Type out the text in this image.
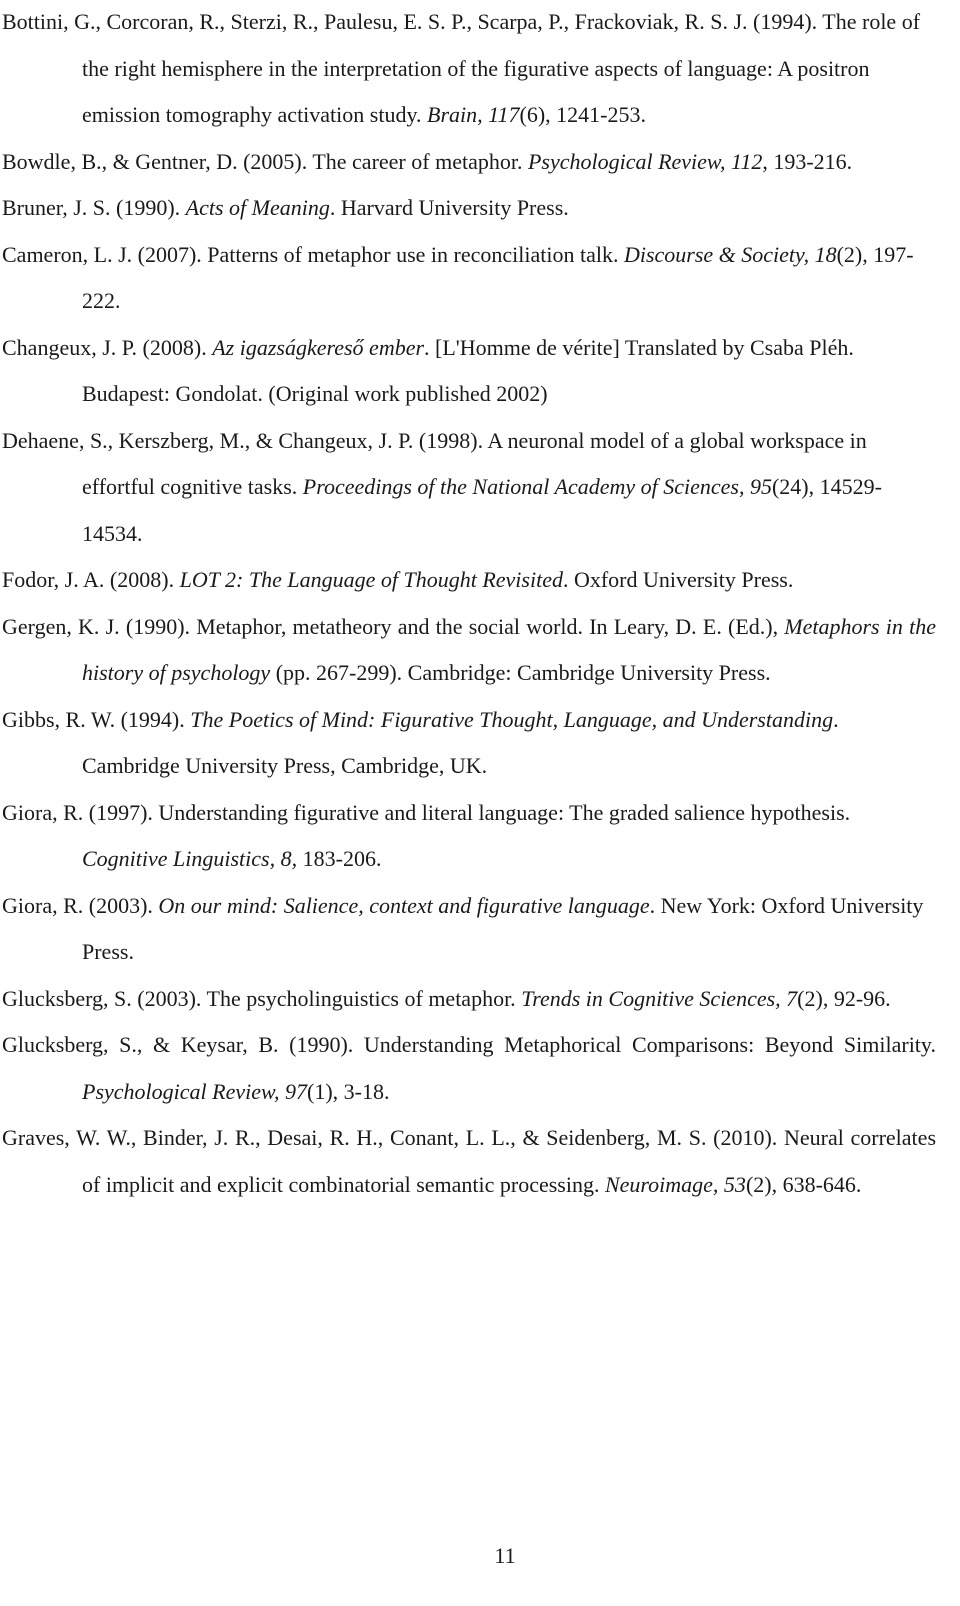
Bottini, G., Corcoran, R., Sterzi, R., Paulesu, E. S. P., Scarpa, P., Frackoviak, R. S. J. (1994). The role of the right hemisphere in the interpretation of the figurative aspects of language: A positron emission tomography activation study. Brain, 117(6), 1241-253.
Bowdle, B., & Gentner, D. (2005). The career of metaphor. Psychological Review, 112, 193-216.
Bruner, J. S. (1990). Acts of Meaning. Harvard University Press.
Cameron, L. J. (2007). Patterns of metaphor use in reconciliation talk. Discourse & Society, 18(2), 197-222.
Changeux, J. P. (2008). Az igazságkereső ember. [L'Homme de vérite] Translated by Csaba Pléh. Budapest: Gondolat. (Original work published 2002)
Dehaene, S., Kerszberg, M., & Changeux, J. P. (1998). A neuronal model of a global workspace in effortful cognitive tasks. Proceedings of the National Academy of Sciences, 95(24), 14529-14534.
Fodor, J. A. (2008). LOT 2: The Language of Thought Revisited. Oxford University Press.
Gergen, K. J. (1990). Metaphor, metatheory and the social world. In Leary, D. E. (Ed.), Metaphors in the history of psychology (pp. 267-299). Cambridge: Cambridge University Press.
Gibbs, R. W. (1994). The Poetics of Mind: Figurative Thought, Language, and Understanding. Cambridge University Press, Cambridge, UK.
Giora, R. (1997). Understanding figurative and literal language: The graded salience hypothesis. Cognitive Linguistics, 8, 183-206.
Giora, R. (2003). On our mind: Salience, context and figurative language. New York: Oxford University Press.
Glucksberg, S. (2003). The psycholinguistics of metaphor. Trends in Cognitive Sciences, 7(2), 92-96.
Glucksberg, S., & Keysar, B. (1990). Understanding Metaphorical Comparisons: Beyond Similarity. Psychological Review, 97(1), 3-18.
Graves, W. W., Binder, J. R., Desai, R. H., Conant, L. L., & Seidenberg, M. S. (2010). Neural correlates of implicit and explicit combinatorial semantic processing. Neuroimage, 53(2), 638-646.
11
